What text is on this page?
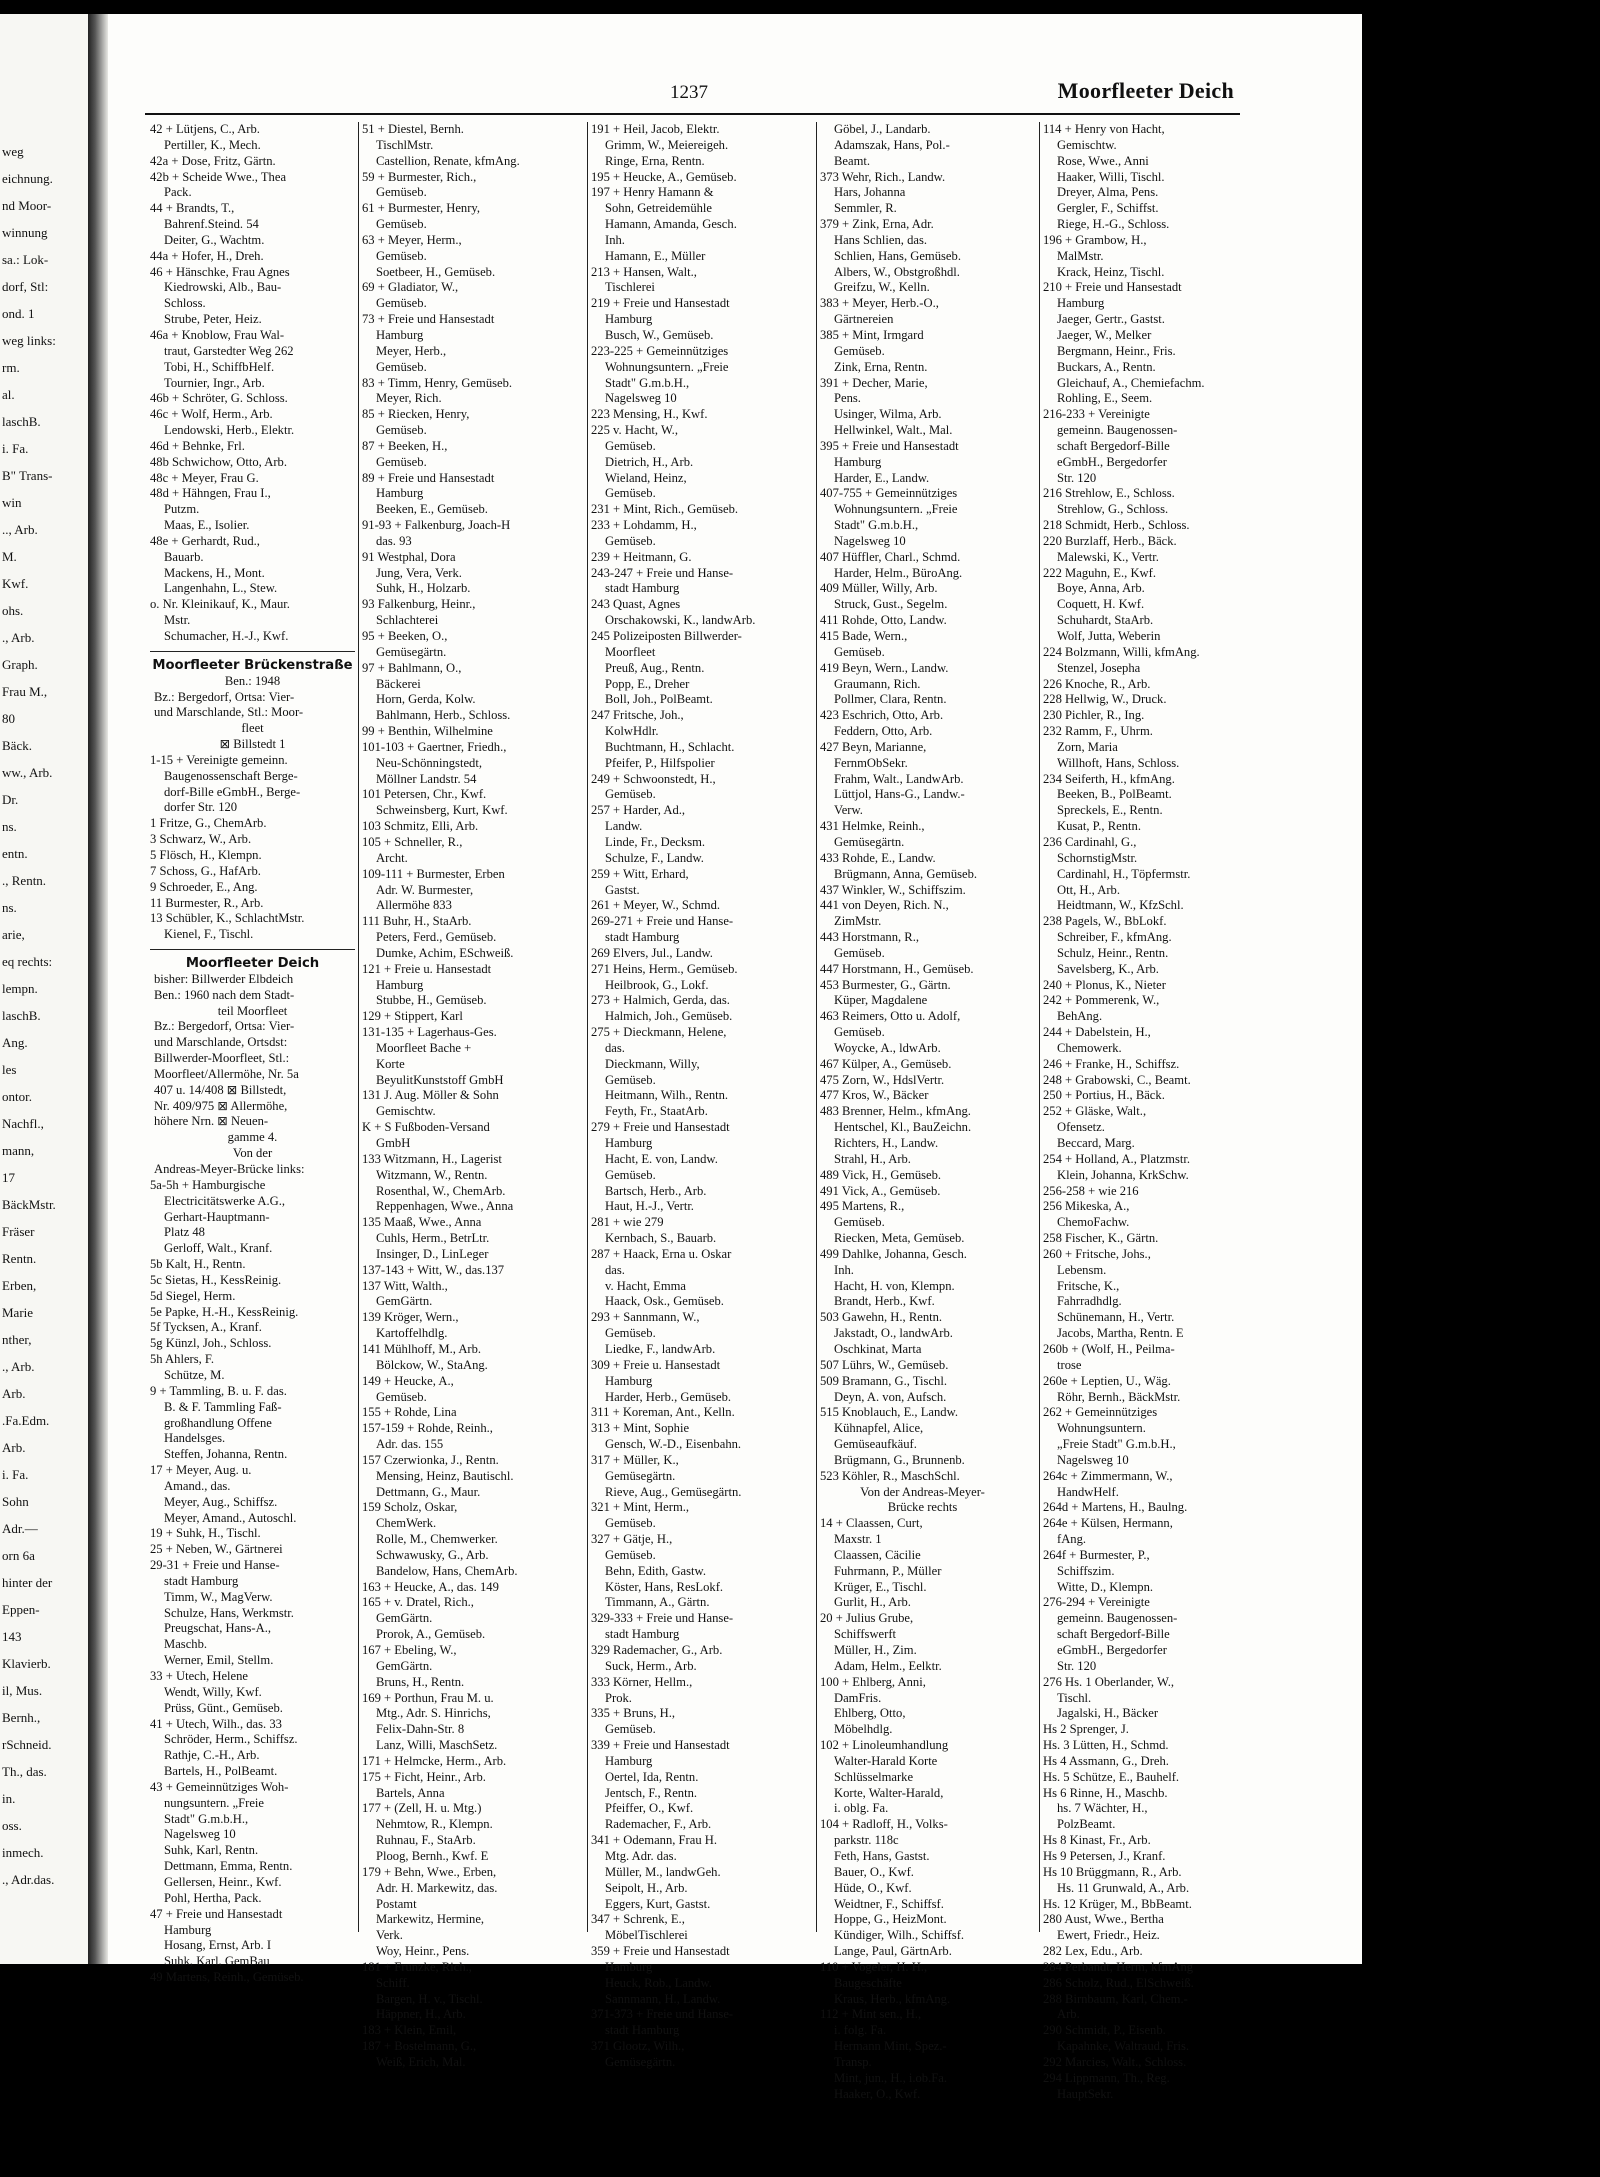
weg
eichnung.
nd Moor-
winnung
sa.: Lok-
dorf, Stl:
ond. 1
weg links:
rm.
al.
laschB.
i. Fa.
B" Trans-
win
.., Arb.
M.
Kwf.
ohs.
., Arb.
Graph.
Frau M.,
80
Bäck.
ww., Arb.
Dr.
ns.
entn.
., Rentn.
ns.
arie,
eq rechts:
lempn.
laschB.
Ang.
les
ontor.
Nachfl.,
mann,
17
BäckMstr.
Fräser
Rentn.
Erben,
Marie
nther,
., Arb.
Arb.
.Fa.Edm.
Arb.
i. Fa.
Sohn
Adr.—
orn 6a
hinter der
Eppen-
143
Klavierb.
il, Mus.
Bernh.,
rSchneid.
Th., das.
in.
oss.
inmech.
., Adr.das.
1237	Moorfleeter Deich
42 + Lütjens, C., Arb.
Pertiller, K., Mech.
42a + Dose, Fritz, Gärtn.
42b + Scheide Wwe., Thea
Pack.
44 + Brandts, T.,
Bahrenf.Steind. 54
Deiter, G., Wachtm.
44a + Hofer, H., Dreh.
46 + Hänschke, Frau Agnes
Kiedrowski, Alb., Bau-
Schloss.
Strube, Peter, Heiz.
46a + Knoblow, Frau Wal-
traut, Garstedter Weg 262
Tobi, H., SchiffbHelf.
Tournier, Ingr., Arb.
46b + Schröter, G. Schloss.
46c + Wolf, Herm., Arb.
Lendowski, Herb., Elektr.
46d + Behnke, Frl.
48b Schwichow, Otto, Arb.
48c + Meyer, Frau G.
48d + Hähngen, Frau I.,
Putzm.
Maas, E., Isolier.
48e + Gerhardt, Rud.,
Bauarb.
Mackens, H., Mont.
Langenhahn, L., Stew.
o. Nr. Kleinikauf, K., Maur.
Mstr.
Schumacher, H.-J., Kwf.
Moorfleeter Brückenstraße
Ben.: 1948
Bz.: Bergedorf, Ortsa: Vier-
und Marschlande, Stl.: Moor-
fleet
⊠ Billstedt 1
1-15 + Vereinigte gemeinn.
Baugenossenschaft Berge-
dorf-Bille eGmbH., Berge-
dorfer Str. 120
1 Fritze, G., ChemArb.
3 Schwarz, W., Arb.
5 Flösch, H., Klempn.
7 Schoss, G., HafArb.
9 Schroeder, E., Ang.
11 Burmester, R., Arb.
13 Schübler, K., SchlachtMstr.
Kienel, F., Tischl.
Moorfleeter Deich
bisher: Billwerder Elbdeich
Ben.: 1960 nach dem Stadt-
teil Moorfleet
Bz.: Bergedorf, Ortsa: Vier-
und Marschlande, Ortsdst:
Billwerder-Moorfleet, Stl.:
Moorfleet/Allermöhe, Nr. 5a
407 u. 14/408 ⊠ Billstedt,
Nr. 409/975 ⊠ Allermöhe,
höhere Nrn. ⊠ Neuen-
gamme 4.
Von der
Andreas-Meyer-Brücke links:
5a-5h + Hamburgische
Electricitätswerke A.G.,
Gerhart-Hauptmann-
Platz 48
Gerloff, Walt., Kranf.
5b Kalt, H., Rentn.
5c Sietas, H., KessReinig.
5d Siegel, Herm.
5e Papke, H.-H., KessReinig.
5f Tycksen, A., Kranf.
5g Künzl, Joh., Schloss.
5h Ahlers, F.
Schütze, M.
9 + Tammling, B. u. F. das.
B. & F. Tammling Faß-
großhandlung Offene
Handelsges.
Steffen, Johanna, Rentn.
17 + Meyer, Aug. u.
Amand., das.
Meyer, Aug., Schiffsz.
Meyer, Amand., Autoschl.
19 + Suhk, H., Tischl.
25 + Neben, W., Gärtnerei
29-31 + Freie und Hanse-
stadt Hamburg
Timm, W., MagVerw.
Schulze, Hans, Werkmstr.
Preugschat, Hans-A.,
Maschb.
Werner, Emil, Stellm.
33 + Utech, Helene
Wendt, Willy, Kwf.
Prüss, Günt., Gemüseb.
41 + Utech, Wilh., das. 33
Schröder, Herm., Schiffsz.
Rathje, C.-H., Arb.
Bartels, H., PolBeamt.
43 + Gemeinnütziges Woh-
nungsuntern. „Freie
Stadt" G.m.b.H.,
Nagelsweg 10
Suhk, Karl, Rentn.
Dettmann, Emma, Rentn.
Gellersen, Heinr., Kwf.
Pohl, Hertha, Pack.
47 + Freie und Hansestadt
Hamburg
Hosang, Ernst, Arb. I
Suhk, Karl, GemBau
49 Martens, Reinh., Gemüseb.
51 + Diestel, Bernh.
TischlMstr.
Castellion, Renate, kfmAng.
59 + Burmester, Rich.,
Gemüseb.
61 + Burmester, Henry,
Gemüseb.
63 + Meyer, Herm.,
Gemüseb.
Soetbeer, H., Gemüseb.
69 + Gladiator, W.,
Gemüseb.
73 + Freie und Hansestadt
Hamburg
Meyer, Herb.,
Gemüseb.
83 + Timm, Henry, Gemüseb.
Meyer, Rich.
85 + Riecken, Henry,
Gemüseb.
87 + Beeken, H.,
Gemüseb.
89 + Freie und Hansestadt
Hamburg
Beeken, E., Gemüseb.
91-93 + Falkenburg, Joach-H
das. 93
91 Westphal, Dora
Jung, Vera, Verk.
Suhk, H., Holzarb.
93 Falkenburg, Heinr.,
Schlachterei
95 + Beeken, O.,
Gemüsegärtn.
97 + Bahlmann, O.,
Bäckerei
Horn, Gerda, Kolw.
Bahlmann, Herb., Schloss.
99 + Benthin, Wilhelmine
101-103 + Gaertner, Friedh.,
Neu-Schönningstedt,
Möllner Landstr. 54
101 Petersen, Chr., Kwf.
Schweinsberg, Kurt, Kwf.
103 Schmitz, Elli, Arb.
105 + Schneller, R.,
Archt.
109-111 + Burmester, Erben
Adr. W. Burmester,
Allermöhe 833
111 Buhr, H., StaArb.
Peters, Ferd., Gemüseb.
Dumke, Achim, ESchweiß.
121 + Freie u. Hansestadt
Hamburg
Stubbe, H., Gemüseb.
129 + Stippert, Karl
131-135 + Lagerhaus-Ges.
Moorfleet Bache +
Korte
BeyulitKunststoff GmbH
131 J. Aug. Möller & Sohn
Gemischtw.
K + S Fußboden-Versand
GmbH
133 Witzmann, H., Lagerist
Witzmann, W., Rentn.
Rosenthal, W., ChemArb.
Reppenhagen, Wwe., Anna
135 Maaß, Wwe., Anna
Cuhls, Herm., BetrLtr.
Insinger, D., LinLeger
137-143 + Witt, W., das.137
137 Witt, Walth.,
GemGärtn.
139 Kröger, Wern.,
Kartoffelhdlg.
141 Mühlhoff, M., Arb.
Bölckow, W., StaAng.
149 + Heucke, A.,
Gemüseb.
155 + Rohde, Lina
157-159 + Rohde, Reinh.,
Adr. das. 155
157 Czerwionka, J., Rentn.
Mensing, Heinz, Bautischl.
Dettmann, G., Maur.
159 Scholz, Oskar,
ChemWerk.
Rolle, M., Chemwerker.
Schwawusky, G., Arb.
Bandelow, Hans, ChemArb.
163 + Heucke, A., das. 149
165 + v. Dratel, Rich.,
GemGärtn.
Prorok, A., Gemüseb.
167 + Ebeling, W.,
GemGärtn.
Bruns, H., Rentn.
169 + Porthun, Frau M. u.
Mtg., Adr. S. Hinrichs,
Felix-Dahn-Str. 8
Lanz, Willi, MaschSetz.
171 + Helmcke, Herm., Arb.
175 + Ficht, Heinr., Arb.
Bartels, Anna
177 + (Zell, H. u. Mtg.)
Nehmtow, R., Klempn.
Ruhnau, F., StaArb.
Ploog, Bernh., Kwf. E
179 + Behn, Wwe., Erben,
Adr. H. Markewitz, das.
Postamt
Markewitz, Hermine,
Verk.
Woy, Heinr., Pens.
181 + Frunzke, Rich.,
Schiff.
Bargen, H. v., Tischl.
Häppner, H., Arb.
183 + Klein, Emil,
187 + Bostelmann, G.,
Weiß, Erich, Mal.
191 + Heil, Jacob, Elektr.
Grimm, W., Meiereigeh.
Ringe, Erna, Rentn.
195 + Heucke, A., Gemüseb.
197 + Henry Hamann &
Sohn, Getreidemühle
Hamann, Amanda, Gesch.
Inh.
Hamann, E., Müller
213 + Hansen, Walt.,
Tischlerei
219 + Freie und Hansestadt
Hamburg
Busch, W., Gemüseb.
223-225 + Gemeinnütziges
Wohnungsuntern. „Freie
Stadt" G.m.b.H.,
Nagelsweg 10
223 Mensing, H., Kwf.
225 v. Hacht, W.,
Gemüseb.
Dietrich, H., Arb.
Wieland, Heinz,
Gemüseb.
231 + Mint, Rich., Gemüseb.
233 + Lohdamm, H.,
Gemüseb.
239 + Heitmann, G.
243-247 + Freie und Hanse-
stadt Hamburg
243 Quast, Agnes
Orschakowski, K., landwArb.
245 Polizeiposten Billwerder-
Moorfleet
Preuß, Aug., Rentn.
Popp, E., Dreher
Boll, Joh., PolBeamt.
247 Fritsche, Joh.,
KolwHdlr.
Buchtmann, H., Schlacht.
Pfeifer, P., Hilfspolier
249 + Schwoonstedt, H.,
Gemüseb.
257 + Harder, Ad.,
Landw.
Linde, Fr., Decksm.
Schulze, F., Landw.
259 + Witt, Erhard,
Gastst.
261 + Meyer, W., Schmd.
269-271 + Freie und Hanse-
stadt Hamburg
269 Elvers, Jul., Landw.
271 Heins, Herm., Gemüseb.
Heilbrook, G., Lokf.
273 + Halmich, Gerda, das.
Halmich, Joh., Gemüseb.
275 + Dieckmann, Helene,
das.
Dieckmann, Willy,
Gemüseb.
Heitmann, Wilh., Rentn.
Feyth, Fr., StaatArb.
279 + Freie und Hansestadt
Hamburg
Hacht, E. von, Landw.
Gemüseb.
Bartsch, Herb., Arb.
Haut, H.-J., Vertr.
281 + wie 279
Kernbach, S., Bauarb.
287 + Haack, Erna u. Oskar
das.
v. Hacht, Emma
Haack, Osk., Gemüseb.
293 + Sannmann, W.,
Gemüseb.
Liedke, F., landwArb.
309 + Freie u. Hansestadt
Hamburg
Harder, Herb., Gemüseb.
311 + Koreman, Ant., Kelln.
313 + Mint, Sophie
Gensch, W.-D., Eisenbahn.
317 + Müller, K.,
Gemüsegärtn.
Rieve, Aug., Gemüsegärtn.
321 + Mint, Herm.,
Gemüseb.
327 + Gätje, H.,
Gemüseb.
Behn, Edith, Gastw.
Köster, Hans, ResLokf.
Timmann, A., Gärtn.
329-333 + Freie und Hanse-
stadt Hamburg
329 Rademacher, G., Arb.
Suck, Herm., Arb.
333 Körner, Hellm.,
Prok.
335 + Bruns, H.,
Gemüseb.
339 + Freie und Hansestadt
Hamburg
Oertel, Ida, Rentn.
Jentsch, F., Rentn.
Pfeiffer, O., Kwf.
Rademacher, F., Arb.
341 + Odemann, Frau H.
Mtg. Adr. das.
Müller, M., landwGeh.
Seipolt, H., Arb.
Eggers, Kurt, Gastst.
347 + Schrenk, E.,
MöbelTischlerei
359 + Freie und Hansestadt
Hamburg
Heuck, Rob., Landw.
Sannmann, H., Landw.
371-373 + Freie und Hanse-
stadt Hamburg
371 Glootz, Wilh.,
Gemüsegärtn.
Göbel, J., Landarb.
Adamszak, Hans, Pol.-
Beamt.
373 Wehr, Rich., Landw.
Hars, Johanna
Semmler, R.
379 + Zink, Erna, Adr.
Hans Schlien, das.
Schlien, Hans, Gemüseb.
Albers, W., Obstgroßhdl.
Greifzu, W., Kelln.
383 + Meyer, Herb.-O.,
Gärtnereien
385 + Mint, Irmgard
Gemüseb.
Zink, Erna, Rentn.
391 + Decher, Marie,
Pens.
Usinger, Wilma, Arb.
Hellwinkel, Walt., Mal.
395 + Freie und Hansestadt
Hamburg
Harder, E., Landw.
407-755 + Gemeinnütziges
Wohnungsuntern. „Freie
Stadt" G.m.b.H.,
Nagelsweg 10
407 Hüffler, Charl., Schmd.
Harder, Helm., BüroAng.
409 Müller, Willy, Arb.
Struck, Gust., Segelm.
411 Rohde, Otto, Landw.
415 Bade, Wern.,
Gemüseb.
419 Beyn, Wern., Landw.
Graumann, Rich.
Pollmer, Clara, Rentn.
423 Eschrich, Otto, Arb.
Feddern, Otto, Arb.
427 Beyn, Marianne,
FernmObSekr.
Frahm, Walt., LandwArb.
Lüttjol, Hans-G., Landw.-
Verw.
431 Helmke, Reinh.,
Gemüsegärtn.
433 Rohde, E., Landw.
Brügmann, Anna, Gemüseb.
437 Winkler, W., Schiffszim.
441 von Deyen, Rich. N.,
ZimMstr.
443 Horstmann, R.,
Gemüseb.
447 Horstmann, H., Gemüseb.
453 Burmester, G., Gärtn.
Küper, Magdalene
463 Reimers, Otto u. Adolf,
Gemüseb.
Woycke, A., ldwArb.
467 Külper, A., Gemüseb.
475 Zorn, W., HdslVertr.
477 Kros, W., Bäcker
483 Brenner, Helm., kfmAng.
Hentschel, Kl., BauZeichn.
Richters, H., Landw.
Strahl, H., Arb.
489 Vick, H., Gemüseb.
491 Vick, A., Gemüseb.
495 Martens, R.,
Gemüseb.
Riecken, Meta, Gemüseb.
499 Dahlke, Johanna, Gesch.
Inh.
Hacht, H. von, Klempn.
Brandt, Herb., Kwf.
503 Gawehn, H., Rentn.
Jakstadt, O., landwArb.
Oschkinat, Marta
507 Lührs, W., Gemüseb.
509 Bramann, G., Tischl.
Deyn, A. von, Aufsch.
515 Knoblauch, E., Landw.
Kühnapfel, Alice,
Gemüseaufkäuf.
Brügmann, G., Brunnenb.
523 Köhler, R., MaschSchl.
Von der Andreas-Meyer-
Brücke rechts
14 + Claassen, Curt,
Maxstr. 1
Claassen, Cäcilie
Fuhrmann, P., Müller
Krüger, E., Tischl.
Gurlit, H., Arb.
20 + Julius Grube,
Schiffswerft
Müller, H., Zim.
Adam, Helm., Eelktr.
100 + Ehlberg, Anni,
DamFris.
Ehlberg, Otto,
Möbelhdlg.
102 + Linoleumhandlung
Walter-Harald Korte
Schlüsselmarke
Korte, Walter-Harald,
i. oblg. Fa.
104 + Radloff, H., Volks-
parkstr. 118c
Feth, Hans, Gastst.
Bauer, O., Kwf.
Hüde, O., Kwf.
Weidtner, F., Schiffsf.
Hoppe, G., HeizMont.
Kündiger, Wilh., Schiffsf.
Lange, Paul, GärtnArb.
110 + Vogeler, H. H.,
Baugeschäfte
Kraus, Herb., kfmAng.
112 + Mint sen., H.,
i. folg. Fa.
Hermann Mint, Spez.-
Transp.
Mint, jun., H., i.ob.Fa.
Haaker, O., Kwf.
114 + Henry von Hacht,
Gemischtw.
Rose, Wwe., Anni
Haaker, Willi, Tischl.
Dreyer, Alma, Pens.
Gergler, F., Schiffst.
Riege, H.-G., Schloss.
196 + Grambow, H.,
MalMstr.
Krack, Heinz, Tischl.
210 + Freie und Hansestadt
Hamburg
Jaeger, Gertr., Gastst.
Jaeger, W., Melker
Bergmann, Heinr., Fris.
Buckars, A., Rentn.
Gleichauf, A., Chemiefachm.
Rohling, E., Seem.
216-233 + Vereinigte
gemeinn. Baugenossen-
schaft Bergedorf-Bille
eGmbH., Bergedorfer
Str. 120
216 Strehlow, E., Schloss.
Strehlow, G., Schloss.
218 Schmidt, Herb., Schloss.
220 Burzlaff, Herb., Bäck.
Malewski, K., Vertr.
222 Maguhn, E., Kwf.
Boye, Anna, Arb.
Coquett, H. Kwf.
Schuhardt, StaArb.
Wolf, Jutta, Weberin
224 Bolzmann, Willi, kfmAng.
Stenzel, Josepha
226 Knoche, R., Arb.
228 Hellwig, W., Druck.
230 Pichler, R., Ing.
232 Ramm, F., Uhrm.
Zorn, Maria
Willhoft, Hans, Schloss.
234 Seiferth, H., kfmAng.
Beeken, B., PolBeamt.
Spreckels, E., Rentn.
Kusat, P., Rentn.
236 Cardinahl, G.,
SchornstigMstr.
Cardinahl, H., Töpfermstr.
Ott, H., Arb.
Heidtmann, W., KfzSchl.
238 Pagels, W., BbLokf.
Schreiber, F., kfmAng.
Schulz, Heinr., Rentn.
Savelsberg, K., Arb.
240 + Plonus, K., Nieter
242 + Pommerenk, W.,
BehAng.
244 + Dabelstein, H.,
Chemowerk.
246 + Franke, H., Schiffsz.
248 + Grabowski, C., Beamt.
250 + Portius, H., Bäck.
252 + Gläske, Walt.,
Ofensetz.
Beccard, Marg.
254 + Holland, A., Platzmstr.
Klein, Johanna, KrkSchw.
256-258 + wie 216
256 Mikeska, A.,
ChemoFachw.
258 Fischer, K., Gärtn.
260 + Fritsche, Johs.,
Lebensm.
Fritsche, K.,
Fahrradhdlg.
Schünemann, H., Vertr.
Jacobs, Martha, Rentn. E
260b + (Wolf, H., Peilma-
trose
260e + Leptien, U., Wäg.
Röhr, Bernh., BäckMstr.
262 + Gemeinnütziges
Wohnungsuntern.
„Freie Stadt" G.m.b.H.,
Nagelsweg 10
264c + Zimmermann, W.,
HandwHelf.
264d + Martens, H., Baulng.
264e + Külsen, Hermann,
fAng.
264f + Burmester, P.,
Schiffszim.
Witte, D., Klempn.
276-294 + Vereinigte
gemeinn. Baugenossen-
schaft Bergedorf-Bille
eGmbH., Bergedorfer
Str. 120
276 Hs. 1 Oberlander, W.,
Tischl.
Jagalski, H., Bäcker
Hs 2 Sprenger, J.
Hs. 3 Lütten, H., Schmd.
Hs 4 Assmann, G., Dreh.
Hs. 5 Schütze, E., Bauhelf.
Hs 6 Rinne, H., Maschb.
hs. 7 Wächter, H.,
PolzBeamt.
Hs 8 Kinast, Fr., Arb.
Hs 9 Petersen, J., Kranf.
Hs 10 Brüggmann, R., Arb.
Hs. 11 Grunwald, A., Arb.
Hs. 12 Krüger, M., BbBeamt.
280 Aust, Wwe., Bertha
Ewert, Friedr., Heiz.
282 Lex, Edu., Arb.
284 Perbandt, Herm, kfmAng
286 Scholz, Rud., ElSchweiß.
288 Birnbaum, Karl, Chem.-
Arb.
290 Schmidt, P., Eisenb.
Kapahnke, Waltraud, Fris.
292 Marcies, Walt., Schloss.
294 Lippmann, Th., Reg.
HauptSekr.
